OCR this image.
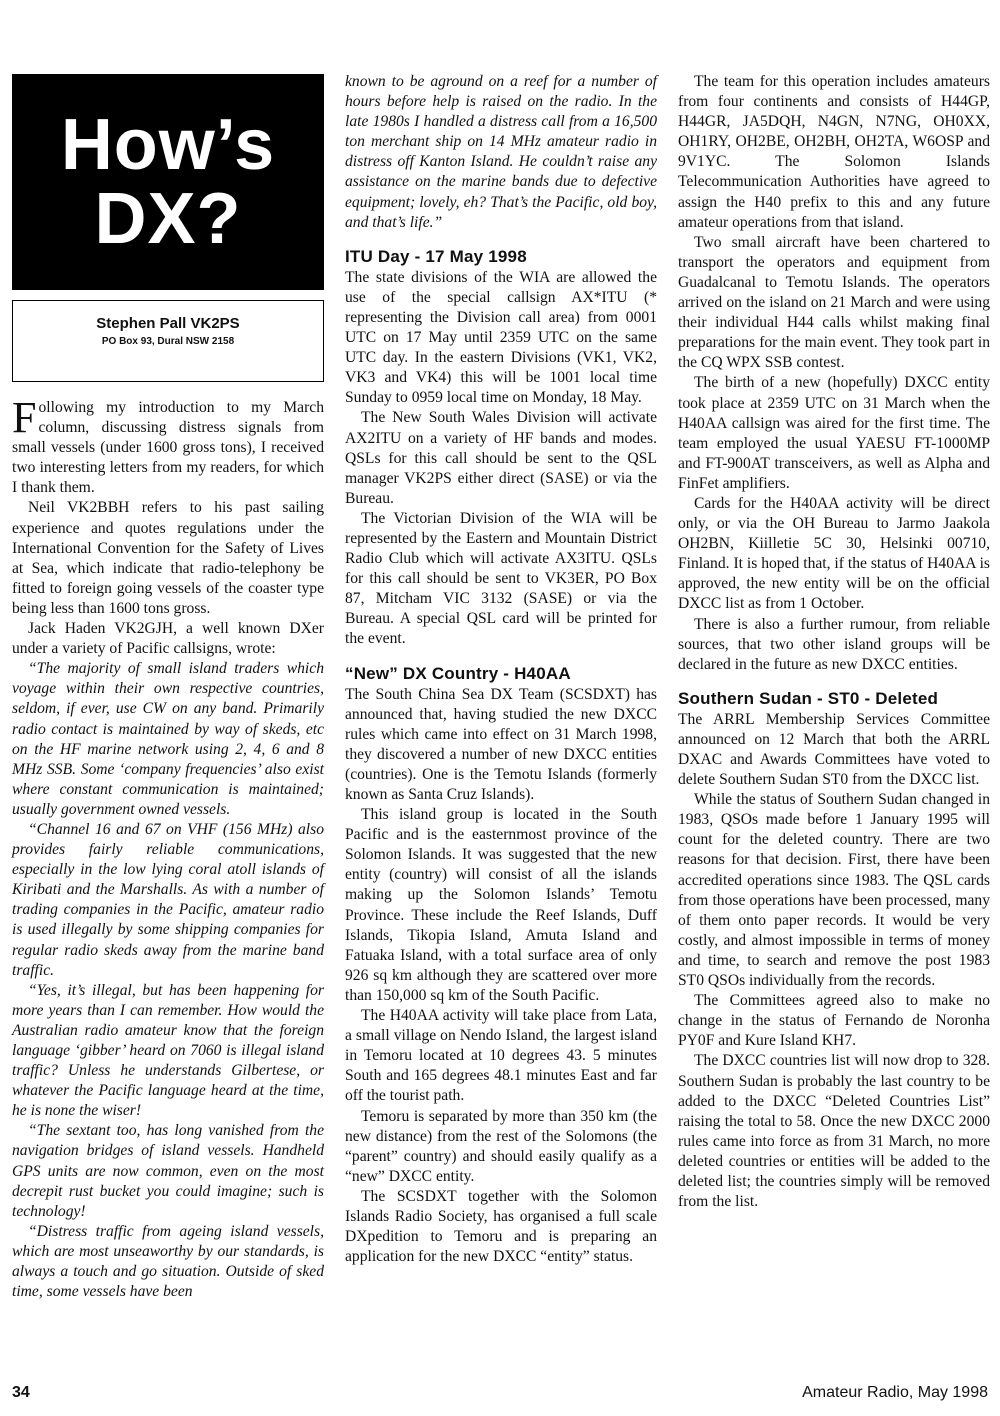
How’s
DX?
Stephen Pall VK2PS
PO Box 93, Dural NSW 2158

Following my introduction to my March column, discussing distress signals from small vessels (under 1600 gross tons), I received two interesting letters from my readers, for which I thank them.

Neil VK2BBH refers to his past sailing experience and quotes regulations under the International Convention for the Safety of Lives at Sea, which indicate that radio-telephony be fitted to foreign going vessels of the coaster type being less than 1600 tons gross.

Jack Haden VK2GJH, a well known DXer under a variety of Pacific callsigns, wrote:

“The majority of small island traders which voyage within their own respective countries, seldom, if ever, use CW on any band. Primarily radio contact is maintained by way of skeds, etc on the HF marine network using 2, 4, 6 and 8 MHz SSB. Some ‘company frequencies’ also exist where constant communication is maintained; usually government owned vessels.

“Channel 16 and 67 on VHF (156 MHz) also provides fairly reliable communications, especially in the low lying coral atoll islands of Kiribati and the Marshalls. As with a number of trading companies in the Pacific, amateur radio is used illegally by some shipping companies for regular radio skeds away from the marine band traffic.

“Yes, it’s illegal, but has been happening for more years than I can remember. How would the Australian radio amateur know that the foreign language ‘gibber’ heard on 7060 is illegal island traffic? Unless he understands Gilbertese, or whatever the Pacific language heard at the time, he is none the wiser!

“The sextant too, has long vanished from the navigation bridges of island vessels. Handheld GPS units are now common, even on the most decrepit rust bucket you could imagine; such is technology!

“Distress traffic from ageing island vessels, which are most unseaworthy by our standards, is always a touch and go situation. Outside of sked time, some vessels have been

known to be aground on a reef for a number of hours before help is raised on the radio. In the late 1980s I handled a distress call from a 16,500 ton merchant ship on 14 MHz amateur radio in distress off Kanton Island. He couldn’t raise any assistance on the marine bands due to defective equipment; lovely, eh? That’s the Pacific, old boy, and that’s life.”

ITU Day - 17 May 1998

The state divisions of the WIA are allowed the use of the special callsign AX*ITU (* representing the Division call area) from 0001 UTC on 17 May until 2359 UTC on the same UTC day. In the eastern Divisions (VK1, VK2, VK3 and VK4) this will be 1001 local time Sunday to 0959 local time on Monday, 18 May.

The New South Wales Division will activate AX2ITU on a variety of HF bands and modes. QSLs for this call should be sent to the QSL manager VK2PS either direct (SASE) or via the Bureau.

The Victorian Division of the WIA will be represented by the Eastern and Mountain District Radio Club which will activate AX3ITU. QSLs for this call should be sent to VK3ER, PO Box 87, Mitcham VIC 3132 (SASE) or via the Bureau. A special QSL card will be printed for the event.

“New” DX Country - H40AA

The South China Sea DX Team (SCSDXT) has announced that, having studied the new DXCC rules which came into effect on 31 March 1998, they discovered a number of new DXCC entities (countries). One is the Temotu Islands (formerly known as Santa Cruz Islands).

This island group is located in the South Pacific and is the easternmost province of the Solomon Islands. It was suggested that the new entity (country) will consist of all the islands making up the Solomon Islands’ Temotu Province. These include the Reef Islands, Duff Islands, Tikopia Island, Amuta Island and Fatuaka Island, with a total surface area of only 926 sq km although they are scattered over more than 150,000 sq km of the South Pacific.

The H40AA activity will take place from Lata, a small village on Nendo Island, the largest island in Temoru located at 10 degrees 43. 5 minutes South and 165 degrees 48.1 minutes East and far off the tourist path.

Temoru is separated by more than 350 km (the new distance) from the rest of the Solomons (the “parent” country) and should easily qualify as a “new” DXCC entity.

The SCSDXT together with the Solomon Islands Radio Society, has organised a full scale DXpedition to Temoru and is preparing an application for the new DXCC “entity” status.

The team for this operation includes amateurs from four continents and consists of H44GP, H44GR, JA5DQH, N4GN, N7NG, OH0XX, OH1RY, OH2BE, OH2BH, OH2TA, W6OSP and 9V1YC. The Solomon Islands Telecommunication Authorities have agreed to assign the H40 prefix to this and any future amateur operations from that island.

Two small aircraft have been chartered to transport the operators and equipment from Guadalcanal to Temotu Islands. The operators arrived on the island on 21 March and were using their individual H44 calls whilst making final preparations for the main event. They took part in the CQ WPX SSB contest.

The birth of a new (hopefully) DXCC entity took place at 2359 UTC on 31 March when the H40AA callsign was aired for the first time. The team employed the usual YAESU FT-1000MP and FT-900AT transceivers, as well as Alpha and FinFet amplifiers.

Cards for the H40AA activity will be direct only, or via the OH Bureau to Jarmo Jaakola OH2BN, Kiilletie 5C 30, Helsinki 00710, Finland. It is hoped that, if the status of H40AA is approved, the new entity will be on the official DXCC list as from 1 October.

There is also a further rumour, from reliable sources, that two other island groups will be declared in the future as new DXCC entities.

Southern Sudan - ST0 - Deleted

The ARRL Membership Services Committee announced on 12 March that both the ARRL DXAC and Awards Committees have voted to delete Southern Sudan ST0 from the DXCC list.

While the status of Southern Sudan changed in 1983, QSOs made before 1 January 1995 will count for the deleted country. There are two reasons for that decision. First, there have been accredited operations since 1983. The QSL cards from those operations have been processed, many of them onto paper records. It would be very costly, and almost impossible in terms of money and time, to search and remove the post 1983 ST0 QSOs individually from the records.

The Committees agreed also to make no change in the status of Fernando de Noronha PY0F and Kure Island KH7.

The DXCC countries list will now drop to 328. Southern Sudan is probably the last country to be added to the DXCC “Deleted Countries List” raising the total to 58. Once the new DXCC 2000 rules came into force as from 31 March, no more deleted countries or entities will be added to the deleted list; the countries simply will be removed from the list.

34	Amateur Radio, May 1998
